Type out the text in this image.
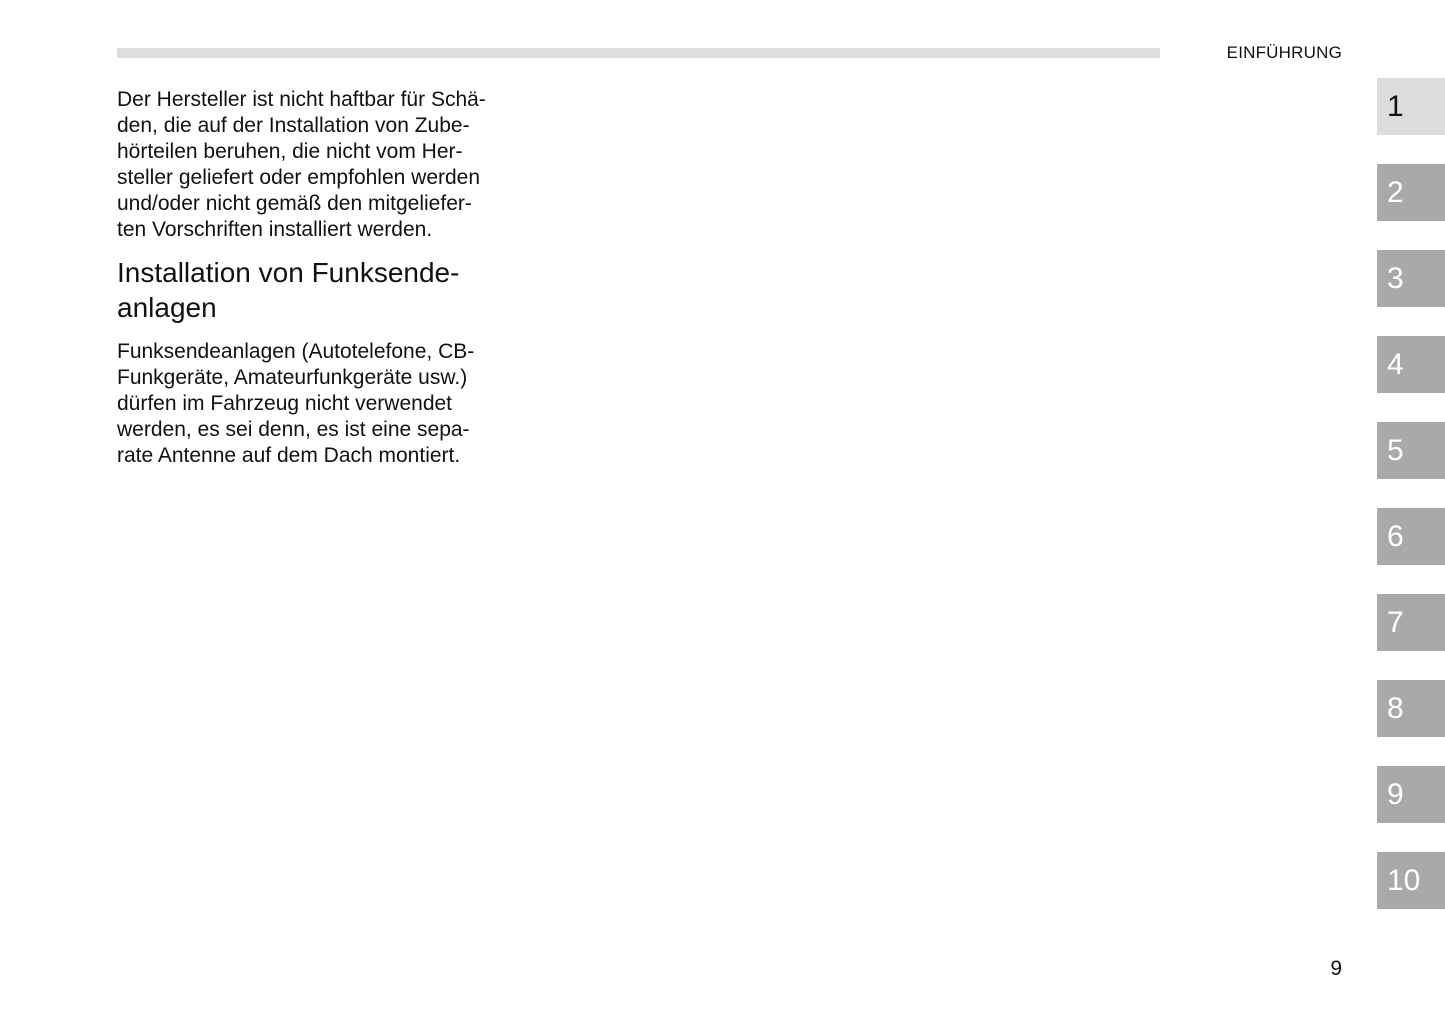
EINFÜHRUNG

Der Hersteller ist nicht haftbar für Schä-
den, die auf der Installation von Zube-
hörteilen beruhen, die nicht vom Her-
steller geliefert oder empfohlen werden
und/oder nicht gemäß den mitgeliefer-
ten Vorschriften installiert werden.

Installation von Funksende-
anlagen

Funksendeanlagen (Autotelefone, CB-
Funkgeräte, Amateurfunkgeräte usw.)
dürfen im Fahrzeug nicht verwendet
werden, es sei denn, es ist eine sepa-
rate Antenne auf dem Dach montiert.

1
2
3
4
5
6
7
8
9
10
9
